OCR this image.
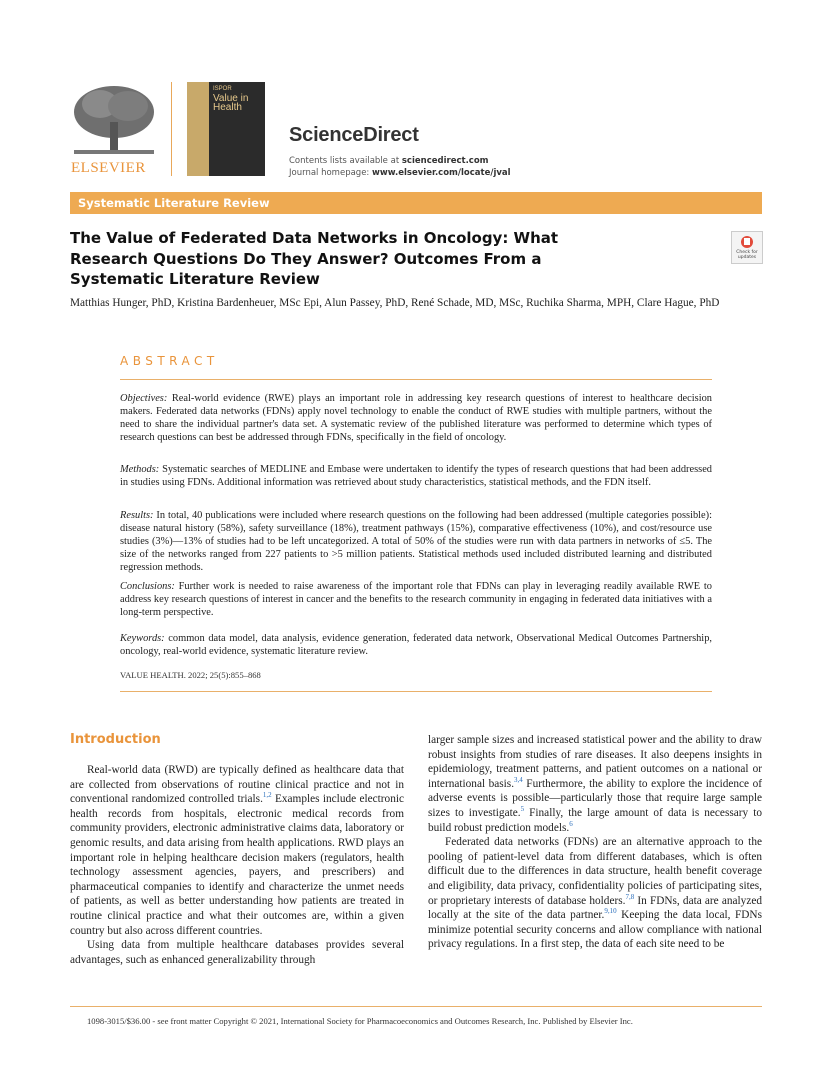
ELSEVIER
ISPOR
Value in Health
ScienceDirect
Contents lists available at sciencedirect.com
Journal homepage: www.elsevier.com/locate/jval
Systematic Literature Review
The Value of Federated Data Networks in Oncology: What Research Questions Do They Answer? Outcomes From a Systematic Literature Review
Check for updates
Matthias Hunger, PhD, Kristina Bardenheuer, MSc Epi, Alun Passey, PhD, René Schade, MD, MSc, Ruchika Sharma, MPH, Clare Hague, PhD
ABSTRACT
Objectives: Real-world evidence (RWE) plays an important role in addressing key research questions of interest to healthcare decision makers. Federated data networks (FDNs) apply novel technology to enable the conduct of RWE studies with multiple partners, without the need to share the individual partner's data set. A systematic review of the published literature was performed to determine which types of research questions can best be addressed through FDNs, specifically in the field of oncology.
Methods: Systematic searches of MEDLINE and Embase were undertaken to identify the types of research questions that had been addressed in studies using FDNs. Additional information was retrieved about study characteristics, statistical methods, and the FDN itself.
Results: In total, 40 publications were included where research questions on the following had been addressed (multiple categories possible): disease natural history (58%), safety surveillance (18%), treatment pathways (15%), comparative effectiveness (10%), and cost/resource use studies (3%)—13% of studies had to be left uncategorized. A total of 50% of the studies were run with data partners in networks of ≤5. The size of the networks ranged from 227 patients to >5 million patients. Statistical methods used included distributed learning and distributed regression methods.
Conclusions: Further work is needed to raise awareness of the important role that FDNs can play in leveraging readily available RWE to address key research questions of interest in cancer and the benefits to the research community in engaging in federated data initiatives with a long-term perspective.
Keywords: common data model, data analysis, evidence generation, federated data network, Observational Medical Outcomes Partnership, oncology, real-world evidence, systematic literature review.
VALUE HEALTH. 2022; 25(5):855–868
Introduction

Real-world data (RWD) are typically defined as healthcare data that are collected from observations of routine clinical practice and not in conventional randomized controlled trials.$^{1,2}$ Examples include electronic health records from hospitals, electronic medical records from community providers, electronic administrative claims data, laboratory or genomic results, and data arising from health applications. RWD plays an important role in helping healthcare decision makers (regulators, health technology assessment agencies, payers, and prescribers) and pharmaceutical companies to identify and characterize the unmet needs of patients, as well as better understanding how patients are treated in routine clinical practice and what their outcomes are, within a given country but also across different countries.

Using data from multiple healthcare databases provides several advantages, such as enhanced generalizability through

larger sample sizes and increased statistical power and the ability to draw robust insights from studies of rare diseases. It also deepens insights in epidemiology, treatment patterns, and patient outcomes on a national or international basis.$^{3,4}$ Furthermore, the ability to explore the incidence of adverse events is possible—particularly those that require large sample sizes to investigate.$^5$ Finally, the large amount of data is necessary to build robust prediction models.$^6$

Federated data networks (FDNs) are an alternative approach to the pooling of patient-level data from different databases, which is often difficult due to the differences in data structure, health benefit coverage and eligibility, data privacy, confidentiality policies of participating sites, or proprietary interests of database holders.$^{7,8}$ In FDNs, data are analyzed locally at the site of the data partner.$^{9,10}$ Keeping the data local, FDNs minimize potential security concerns and allow compliance with national privacy regulations. In a first step, the data of each site need to be

1098-3015/$36.00 - see front matter Copyright © 2021, International Society for Pharmacoeconomics and Outcomes Research, Inc. Published by Elsevier Inc.
